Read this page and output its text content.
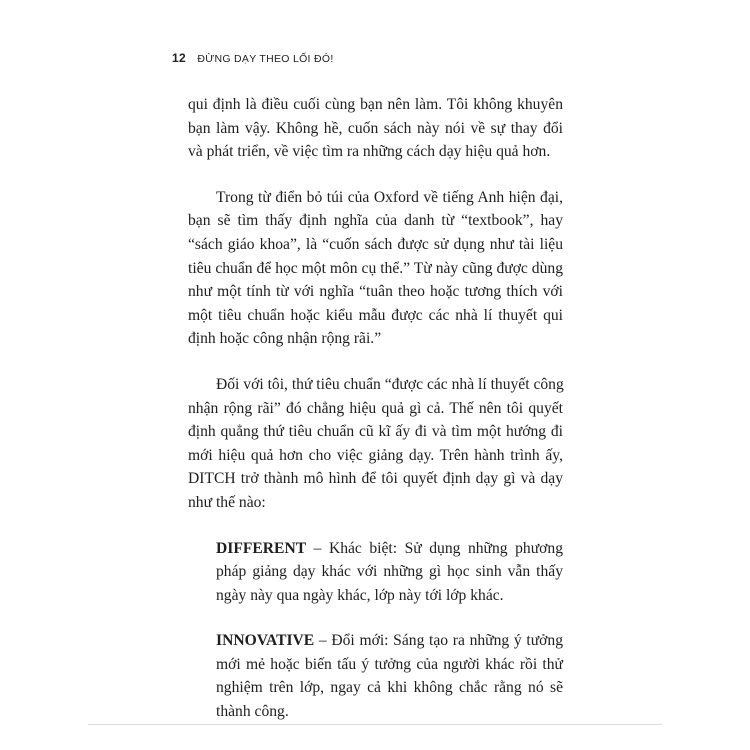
12 ĐỪNG DẠY THEO LỐI ĐÓ!

qui định là điều cuối cùng bạn nên làm. Tôi không khuyên
bạn làm vậy. Không hề, cuốn sách này nói về sự thay đổi
và phát triển, về việc tìm ra những cách dạy hiệu quả hơn.

Trong từ điển bỏ túi của Oxford về tiếng Anh hiện đại,
bạn sẽ tìm thấy định nghĩa của danh từ “textbook”, hay
“sách giáo khoa”, là “cuốn sách được sử dụng như tài liệu
tiêu chuẩn để học một môn cụ thể.” Từ này cũng được dùng
như một tính từ với nghĩa “tuân theo hoặc tương thích với
một tiêu chuẩn hoặc kiểu mẫu được các nhà lí thuyết qui
định hoặc công nhận rộng rãi.”

Đối với tôi, thứ tiêu chuẩn “được các nhà lí thuyết công
nhận rộng rãi” đó chẳng hiệu quả gì cả. Thế nên tôi quyết
định quẳng thứ tiêu chuẩn cũ kĩ ấy đi và tìm một hướng đi
mới hiệu quả hơn cho việc giảng dạy. Trên hành trình ấy,
DITCH trở thành mô hình để tôi quyết định dạy gì và dạy
như thế nào:

DIFFERENT – Khác biệt: Sử dụng những phương
pháp giảng dạy khác với những gì học sinh vẫn thấy
ngày này qua ngày khác, lớp này tới lớp khác.

INNOVATIVE – Đổi mới: Sáng tạo ra những ý tưởng
mới mẻ hoặc biến tấu ý tưởng của người khác rồi thử
nghiệm trên lớp, ngay cả khi không chắc rằng nó sẽ
thành công.
